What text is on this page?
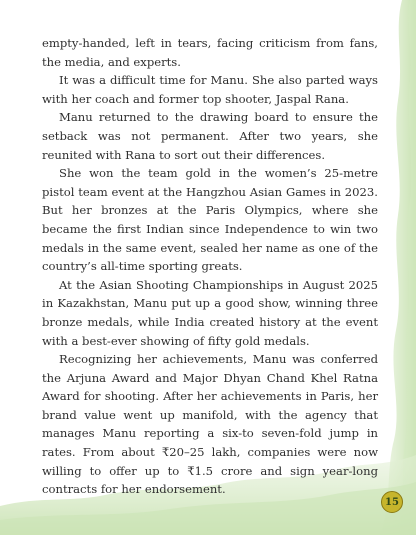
empty-handed, left in tears, facing criticism from fans, the media, and experts.

It was a difficult time for Manu. She also parted ways with her coach and former top shooter, Jaspal Rana.

Manu returned to the drawing board to ensure the setback was not permanent. After two years, she reunited with Rana to sort out their differences.

She won the team gold in the women’s 25-metre pistol team event at the Hangzhou Asian Games in 2023. But her bronzes at the Paris Olympics, where she became the first Indian since Independence to win two medals in the same event, sealed her name as one of the country’s all-time sporting greats.

At the Asian Shooting Championships in August 2025 in Kazakhstan, Manu put up a good show, winning three bronze medals, while India created history at the event with a best-ever showing of fifty gold medals.

Recognizing her achievements, Manu was conferred the Arjuna Award and Major Dhyan Chand Khel Ratna Award for shooting. After her achievements in Paris, her brand value went up manifold, with the agency that manages Manu reporting a six-to seven-fold jump in rates. From about ₹20–25 lakh, companies were now willing to offer up to ₹1.5 crore and sign year-long contracts for her endorsement.

15
